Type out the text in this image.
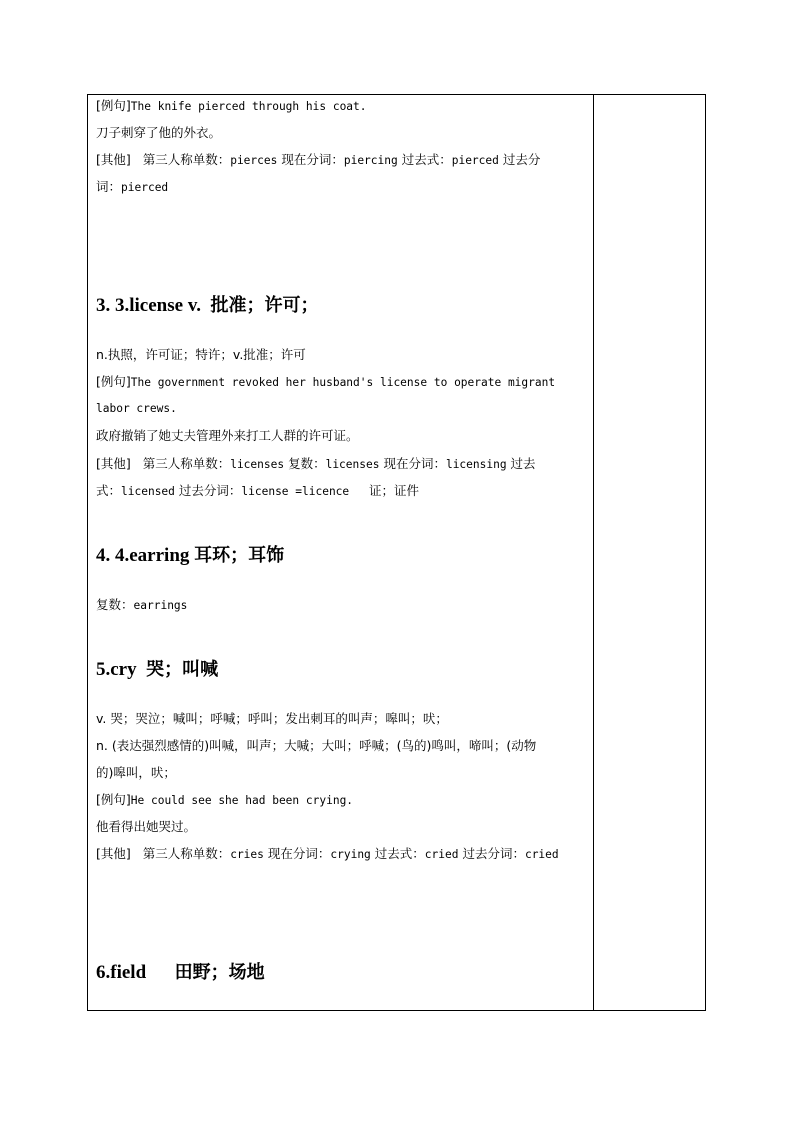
[例句]The knife pierced through his coat.
刀子刺穿了他的外衣。
[其他] 第三人称单数：pierces 现在分词：piercing 过去式：pierced 过去分
词：pierced
3. 3.license v. 批准；许可；
n.执照，许可证；特许；v.批准；许可
[例句]The government revoked her husband's license to operate migrant
labor crews.
政府撤销了她丈夫管理外来打工人群的许可证。
[其他] 第三人称单数：licenses 复数：licenses 现在分词：licensing 过去
式：licensed 过去分词：license =licence 证；证件
4. 4.earring 耳环；耳饰
复数：earrings
5.cry 哭；叫喊
v. 哭；哭泣；喊叫；呼喊；呼叫；发出刺耳的叫声；嗥叫；吠；
n. (表达强烈感情的)叫喊，叫声；大喊；大叫；呼喊；(鸟的)鸣叫，啼叫；(动物
的)嗥叫，吠；
[例句]He could see she had been crying.
他看得出她哭过。
[其他] 第三人称单数：cries 现在分词：crying 过去式：cried 过去分词：cried
6.field 田野；场地
